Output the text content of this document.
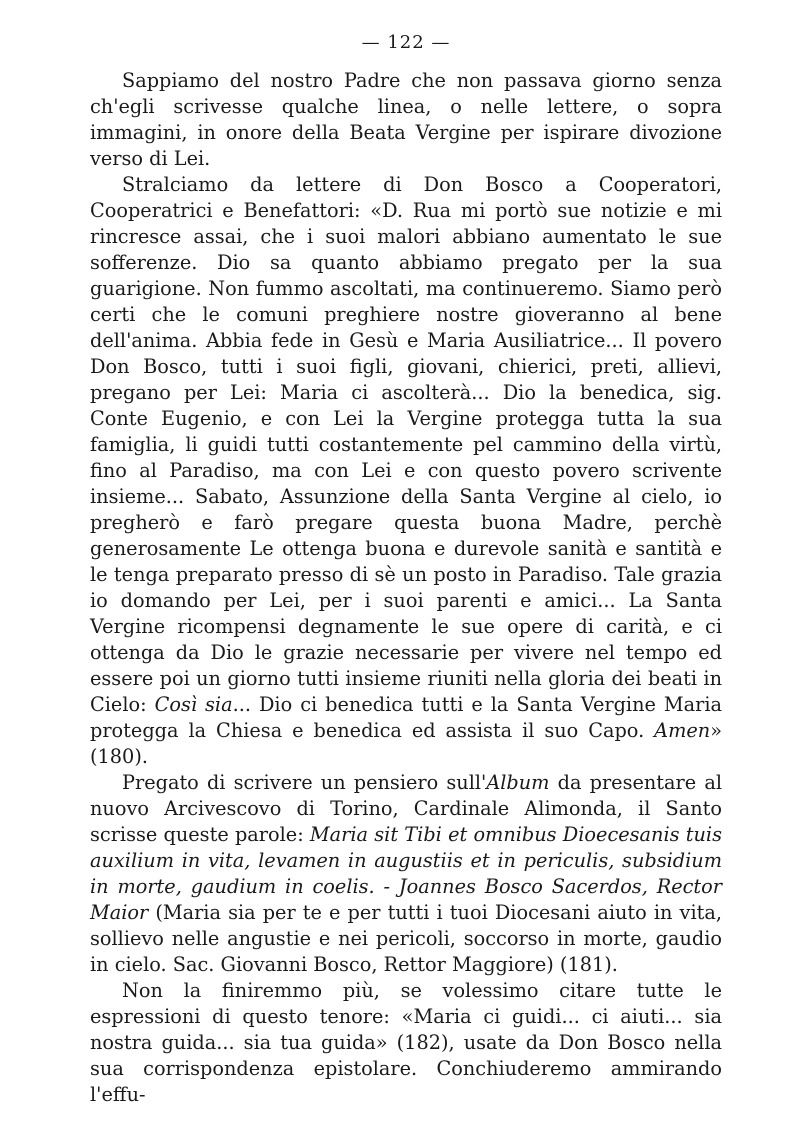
— 122 —

Sappiamo del nostro Padre che non passava giorno senza ch'egli scrivesse qualche linea, o nelle lettere, o sopra immagini, in onore della Beata Vergine per ispirare divozione verso di Lei.

Stralciamo da lettere di Don Bosco a Cooperatori, Cooperatrici e Benefattori: «D. Rua mi portò sue notizie e mi rincresce assai, che i suoi malori abbiano aumentato le sue sofferenze. Dio sa quanto abbiamo pregato per la sua guarigione. Non fummo ascoltati, ma continueremo. Siamo però certi che le comuni preghiere nostre gioveranno al bene dell'anima. Abbia fede in Gesù e Maria Ausiliatrice... Il povero Don Bosco, tutti i suoi figli, giovani, chierici, preti, allievi, pregano per Lei: Maria ci ascolterà... Dio la benedica, sig. Conte Eugenio, e con Lei la Vergine protegga tutta la sua famiglia, li guidi tutti costantemente pel cammino della virtù, fino al Paradiso, ma con Lei e con questo povero scrivente insieme... Sabato, Assunzione della Santa Vergine al cielo, io pregherò e farò pregare questa buona Madre, perchè generosamente Le ottenga buona e durevole sanità e santità e le tenga preparato presso di sè un posto in Paradiso. Tale grazia io domando per Lei, per i suoi parenti e amici... La Santa Vergine ricompensi degnamente le sue opere di carità, e ci ottenga da Dio le grazie necessarie per vivere nel tempo ed essere poi un giorno tutti insieme riuniti nella gloria dei beati in Cielo: Così sia... Dio ci benedica tutti e la Santa Vergine Maria protegga la Chiesa e benedica ed assista il suo Capo. Amen» (180).

Pregato di scrivere un pensiero sull'Album da presentare al nuovo Arcivescovo di Torino, Cardinale Alimonda, il Santo scrisse queste parole: Maria sit Tibi et omnibus Dioecesanis tuis auxilium in vita, levamen in augustiis et in periculis, subsidium in morte, gaudium in coelis. - Joannes Bosco Sacerdos, Rector Maior (Maria sia per te e per tutti i tuoi Diocesani aiuto in vita, sollievo nelle angustie e nei pericoli, soccorso in morte, gaudio in cielo. Sac. Giovanni Bosco, Rettor Maggiore) (181).

Non la finiremmo più, se volessimo citare tutte le espressioni di questo tenore: «Maria ci guidi... ci aiuti... sia nostra guida... sia tua guida» (182), usate da Don Bosco nella sua corrispondenza epistolare. Conchiuderemo ammirando l'effu-
